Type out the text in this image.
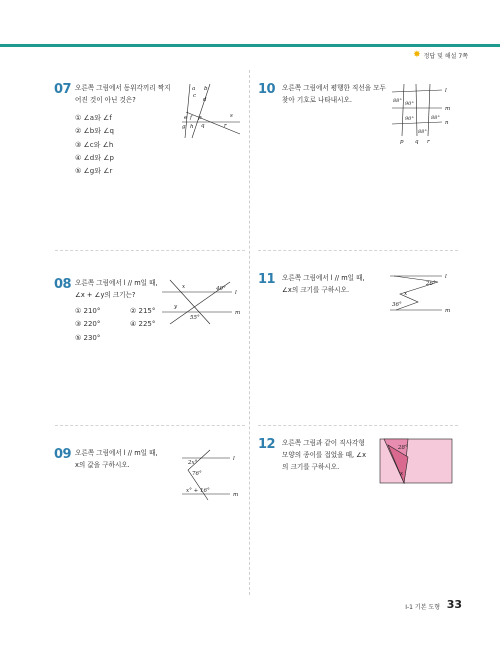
✸ 정답 및 해설 7쪽
07 오른쪽 그림에서 동위각끼리 짝지
어진 것이 아닌 것은?
① ∠a와 ∠f
② ∠b와 ∠q
③ ∠c와 ∠h
④ ∠d와 ∠p
⑤ ∠g와 ∠r
a b
c
d
e f
g h
p
q	r
s
08 오른쪽 그림에서 l // m일 때,
∠x + ∠y의 크기는?
① 210°	② 215°
③ 220°	④ 225°
⑤ 230°
l
m
x
y
40°
55°
09 오른쪽 그림에서 l // m일 때,
x의 값을 구하시오.
l
m
2x°
76°
x° + 16°
10 오른쪽 그림에서 평행한 직선을 모두
찾아 기호로 나타내시오.
l
m
n
p q r
88° 90°
90°	88°
88°
11 오른쪽 그림에서 l // m일 때,
∠x의 크기를 구하시오.
l
m
x
26°
36°
12 오른쪽 그림과 같이 직사각형
모양의 종이를 접었을 때, ∠x
의 크기를 구하시오.
28°
x
I-1 기본 도형 33
